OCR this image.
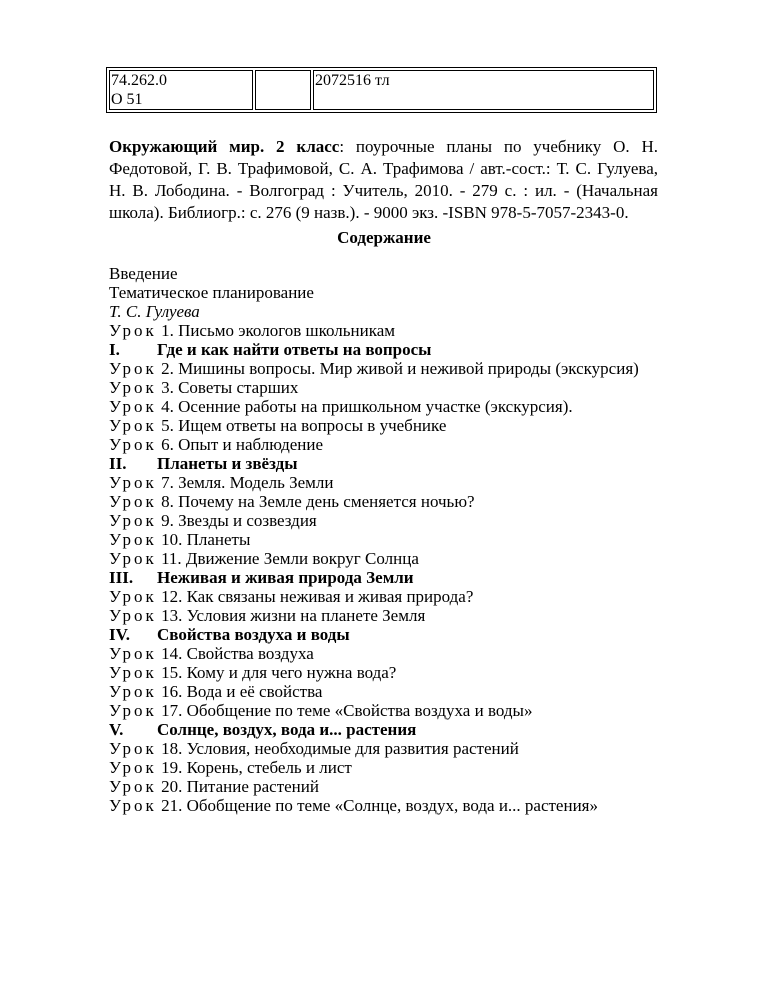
74.262.0
О 51
2072516 тл

Окружающий мир. 2 класс: поурочные планы по учебнику О. Н. Федотовой, Г. В. Трафимовой, С. А. Трафимова / авт.-сост.: Т. С. Гулуева, Н. В. Лободина. - Волгоград : Учитель, 2010. - 279 с. : ил. - (Начальная школа). Библиогр.: с. 276 (9 назв.). - 9000 экз. -ISBN 978-5-7057-2343-0.

Содержание

Введение
Тематическое планирование
Т. С. Гулуева
Урок 1. Письмо экологов школьникам
I. Где и как найти ответы на вопросы
Урок 2. Мишины вопросы. Мир живой и неживой природы (экскурсия)
Урок 3. Советы старших
Урок 4. Осенние работы на пришкольном участке (экскурсия).
Урок 5. Ищем ответы на вопросы в учебнике
Урок 6. Опыт и наблюдение
II. Планеты и звёзды
Урок 7. Земля. Модель Земли
Урок 8. Почему на Земле день сменяется ночью?
Урок 9. Звезды и созвездия
Урок 10. Планеты
Урок 11. Движение Земли вокруг Солнца
III. Неживая и живая природа Земли
Урок 12. Как связаны неживая и живая природа?
Урок 13. Условия жизни на планете Земля
IV. Свойства воздуха и воды
Урок 14. Свойства воздуха
Урок 15. Кому и для чего нужна вода?
Урок 16. Вода и её свойства
Урок 17. Обобщение по теме «Свойства воздуха и воды»
V. Солнце, воздух, вода и... растения
Урок 18. Условия, необходимые для развития растений
Урок 19. Корень, стебель и лист
Урок 20. Питание растений
Урок 21. Обобщение по теме «Солнце, воздух, вода и... растения»
